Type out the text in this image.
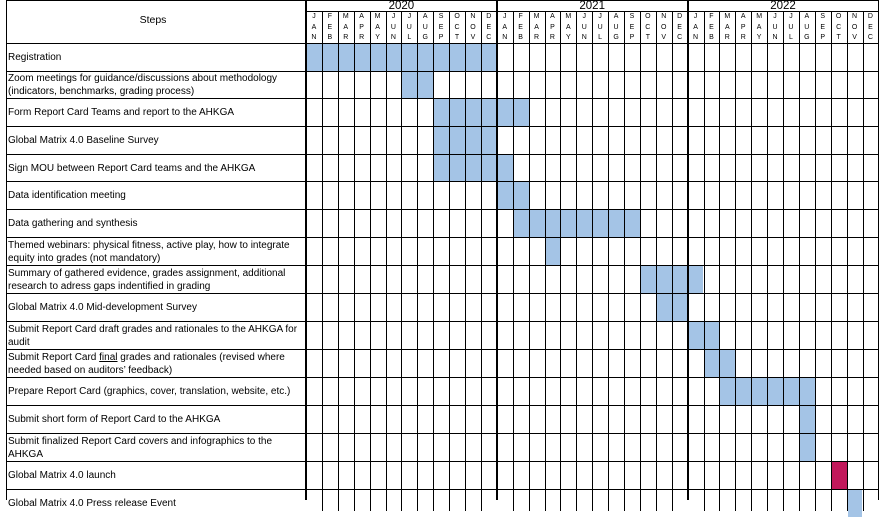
Steps
2020	2021	2022
J
A
N
F
E
B
M
A
R
A
P
R
M
A
Y
J
U
N
J
U
L
A
U
G
S
E
P
O
C
T
N
O
V
D
E
C
J
A
N
F
E
B
M
A
R
A
P
R
M
A
Y
J
U
N
J
U
L
A
U
G
S
E
P
O
C
T
N
O
V
D
E
C
J
A
N
F
E
B
M
A
R
A
P
R
M
A
Y
J
U
N
J
U
L
A
U
G
S
E
P
O
C
T
N
O
V
D
E
C
Registration
Zoom meetings for guidance/discussions about methodology (indicators, benchmarks, grading process)
Form Report Card Teams and report to the AHKGA
Global Matrix 4.0 Baseline Survey
Sign MOU between Report Card teams and the AHKGA
Data identification meeting
Data gathering and synthesis
Themed webinars: physical fitness, active play, how to integrate equity into grades (not mandatory)
Summary of gathered evidence, grades assignment, additional research to adress gaps indentified in grading
Global Matrix 4.0 Mid-development Survey
Submit Report Card draft grades and rationales to the AHKGA for audit
Submit Report Card final grades and rationales (revised where needed based on auditors’ feedback)
Prepare Report Card (graphics, cover, translation, website, etc.)
Submit short form of Report Card to the AHKGA
Submit finalized Report Card covers and infographics to the AHKGA
Global Matrix 4.0 launch
Global Matrix 4.0 Press release Event
